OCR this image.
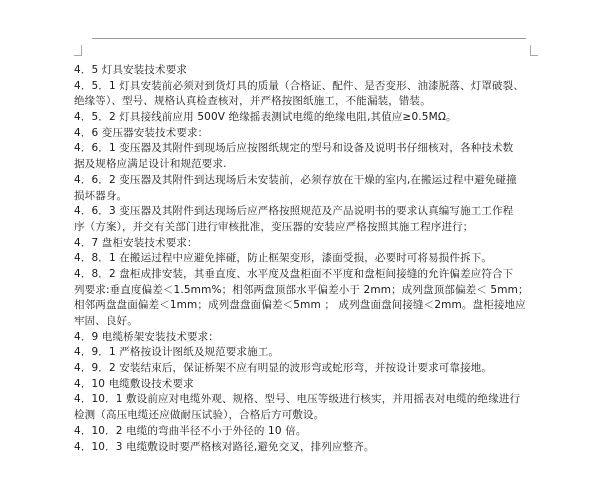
4．5 灯具安装技术要求
4．5．1 灯具安装前必须对到货灯具的质量（合格证、配件、是否变形、油漆脱落、灯罩破裂、
绝缘等）、型号、规格认真检查核对，并严格按图纸施工，不能漏装，错装。
4．5．2 灯具接线前应用 500V 绝缘摇表测试电缆的绝缘电阻,其值应≥0.5MΩ。
4．6 变压器安装技术要求：
4．6．1 变压器及其附件到现场后应按图纸规定的型号和设备及说明书仔细核对，各种技术数
据及规格应满足设计和规范要求.
4．6．2 变压器及其附件到达现场后未安装前，必须存放在干燥的室内,在搬运过程中避免碰撞
损坏器身。
4．6．3 变压器及其附件到达现场后应严格按照规范及产品说明书的要求认真编写施工工作程
序（方案），并交有关部门进行审核批准，变压器的安装应严格按照其施工程序进行；
4．7 盘柜安装技术要求：
4．8．1 在搬运过程中应避免摔碰，防止框架变形，漆面受损，必要时可将易损件拆下。
4．8．2 盘柜成排安装，其垂直度、水平度及盘柜面不平度和盘柜间接缝的允许偏差应符合下
列要求:垂直度偏差＜1.5mm%；相邻两盘顶部水平偏差小于 2mm；成列盘顶部偏差＜ 5mm；
相邻两盘盘面偏差＜1mm；成列盘盘面偏差＜5mm ； 成列盘面盘间接缝＜2mm。盘柜接地应
牢固、良好。
4．9 电缆桥架安装技术要求：
4．9．1 严格按设计图纸及规范要求施工。
4．9．2 安装结束后，保证桥架不应有明显的波形弯或蛇形弯，并按设计要求可靠接地。
4．10 电缆敷设技术要求
4．10．1 敷设前应对电缆外观、规格、型号、电压等级进行核实，并用摇表对电缆的绝缘进行
检测（高压电缆还应做耐压试验），合格后方可敷设。
4．10．2 电缆的弯曲半径不小于外径的 10 倍。
4．10．3 电缆敷设时要严格核对路径,避免交叉，排列应整齐。
